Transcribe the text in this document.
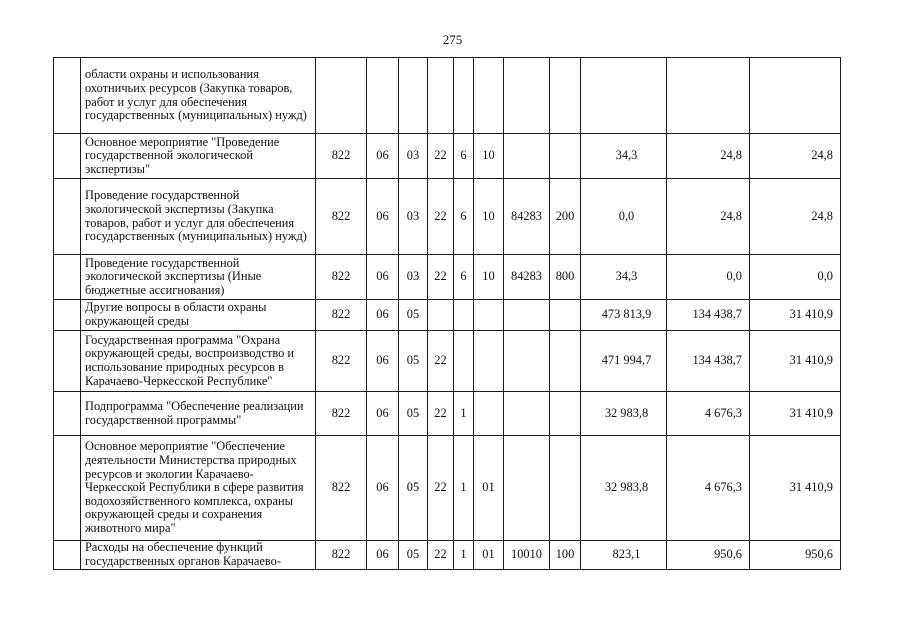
275
	области охраны и использования охотничьих ресурсов (Закупка товаров, работ и услуг для обеспечения государственных (муниципальных) нужд)											
	Основное мероприятие "Проведение государственной экологической экспертизы"	822	06	03	22	6	10			34,3	24,8	24,8
	Проведение государственной экологической экспертизы (Закупка товаров, работ и услуг для обеспечения государственных (муниципальных) нужд)	822	06	03	22	6	10	84283	200	0,0	24,8	24,8
	Проведение государственной экологической экспертизы (Иные бюджетные ассигнования)	822	06	03	22	6	10	84283	800	34,3	0,0	0,0
	Другие вопросы в области охраны окружающей среды	822	06	05						473 813,9	134 438,7	31 410,9
	Государственная программа "Охрана окружающей среды, воспроизводство и использование природных ресурсов в Карачаево-Черкесской Республике"	822	06	05	22					471 994,7	134 438,7	31 410,9
	Подпрограмма "Обеспечение реализации государственной программы"	822	06	05	22	1				32 983,8	4 676,3	31 410,9
	Основное мероприятие "Обеспечение деятельности Министерства природных ресурсов и экологии Карачаево-Черкесской Республики в сфере развития водохозяйственного комплекса, охраны окружающей среды и сохранения животного мира"	822	06	05	22	1	01			32 983,8	4 676,3	31 410,9
	Расходы на обеспечение функций государственных органов Карачаево-	822	06	05	22	1	01	10010	100	823,1	950,6	950,6
